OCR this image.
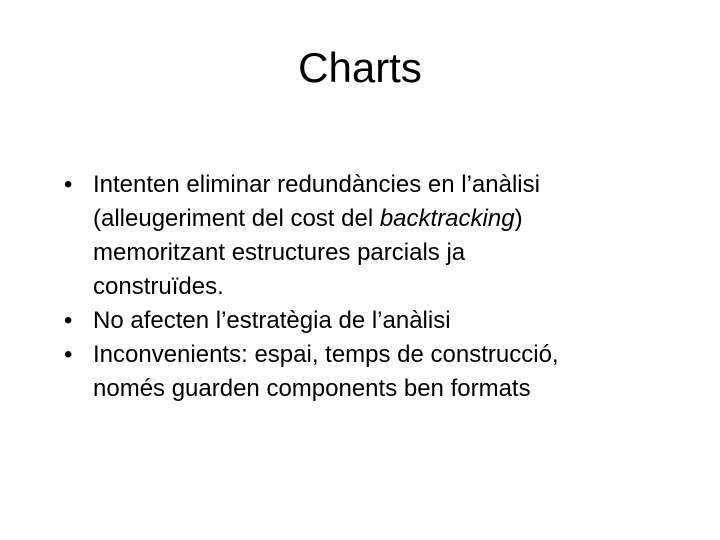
Charts
• Intenten eliminar redundàncies en l’anàlisi
(alleugeriment del cost del backtracking)
memoritzant estructures parcials ja
construïdes.
• No afecten l’estratègia de l’anàlisi
• Inconvenients: espai, temps de construcció,
només guarden components ben formats
